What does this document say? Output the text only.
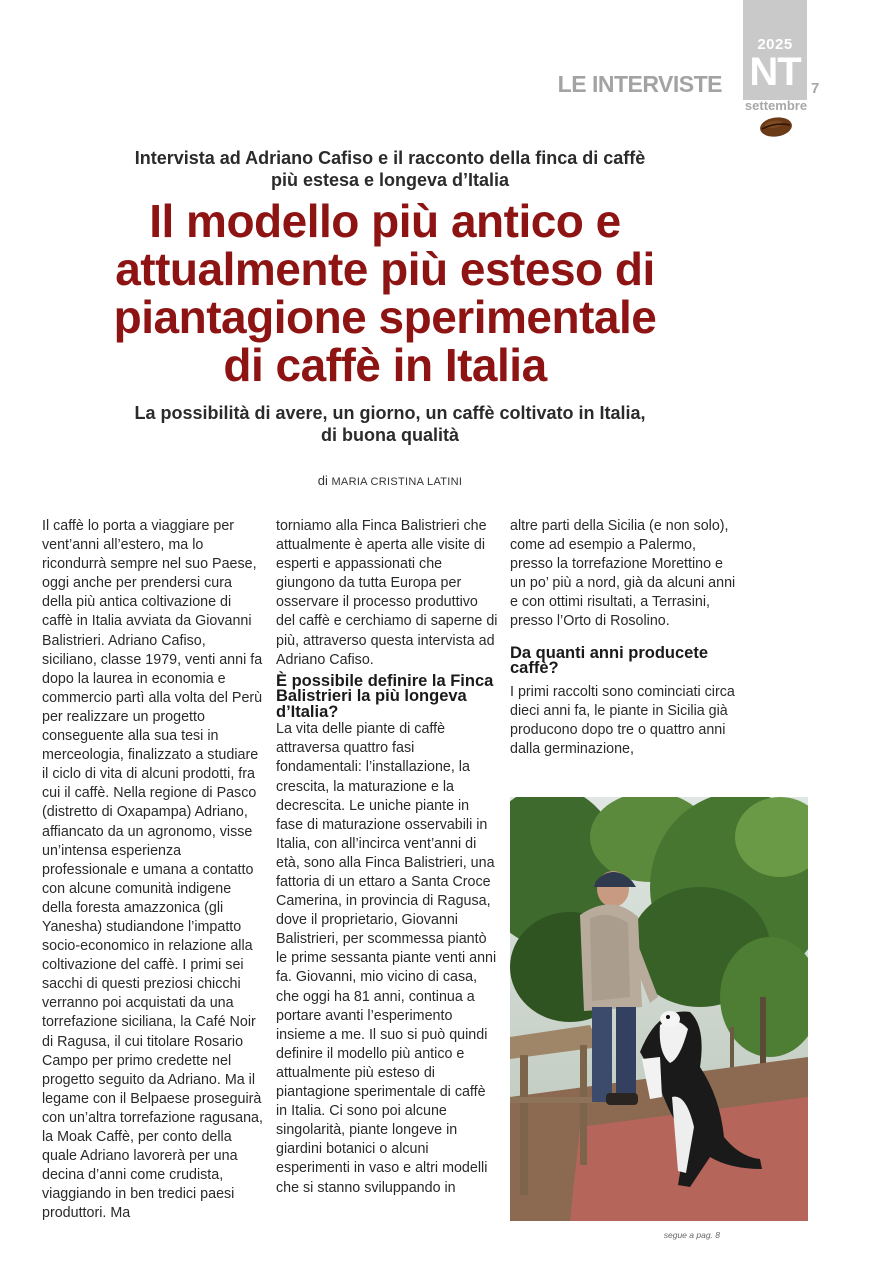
LE INTERVISTE
2025
NT 7
settembre
Intervista ad Adriano Cafiso e il racconto della finca di caffè
più estesa e longeva d’Italia
Il modello più antico e
attualmente più esteso di
piantagione sperimentale
di caffè in Italia
La possibilità di avere, un giorno, un caffè coltivato in Italia,
di buona qualità
di MARIA CRISTINA LATINI

Il caffè lo porta a viaggiare per vent’anni all’estero, ma lo ricondurrà sempre nel suo Paese, oggi anche per prendersi cura della più antica coltivazione di caffè in Italia avviata da Giovanni Balistrieri. Adriano Cafiso, siciliano, classe 1979, venti anni fa dopo la laurea in economia e commercio partì alla volta del Perù per realizzare un progetto conseguente alla sua tesi in merceologia, finalizzato a studiare il ciclo di vita di alcuni prodotti, fra cui il caffè. Nella regione di Pasco (distretto di Oxapampa) Adriano, affiancato da un agronomo, visse un’intensa esperienza professionale e umana a contatto con alcune comunità indigene della foresta amazzonica (gli Yanesha) studiandone l’impatto socio-economico in relazione alla coltivazione del caffè. I primi sei sacchi di questi preziosi chicchi verranno poi acquistati da una torrefazione siciliana, la Café Noir di Ragusa, il cui titolare Rosario Campo per primo credette nel progetto seguito da Adriano. Ma il legame con il Belpaese proseguirà con un’altra torrefazione ragusana, la Moak Caffè, per conto della quale Adriano lavorerà per una decina d’anni come crudista, viaggiando in ben tredici paesi produttori. Ma

torniamo alla Finca Balistrieri che attualmente è aperta alle visite di esperti e appassionati che giungono da tutta Europa per osservare il processo produttivo del caffè e cerchiamo di saperne di più, attraverso questa intervista ad Adriano Cafiso.

È possibile definire la Finca Balistrieri la più longeva d’Italia?

La vita delle piante di caffè attraversa quattro fasi fondamentali: l’installazione, la crescita, la maturazione e la decrescita. Le uniche piante in fase di maturazione osservabili in Italia, con all’incirca vent’anni di età, sono alla Finca Balistrieri, una fattoria di un ettaro a Santa Croce Camerina, in provincia di Ragusa, dove il proprietario, Giovanni Balistrieri, per scommessa piantò le prime sessanta piante venti anni fa. Giovanni, mio vicino di casa, che oggi ha 81 anni, continua a portare avanti l’esperimento insieme a me. Il suo si può quindi definire il modello più antico e attualmente più esteso di piantagione sperimentale di caffè in Italia. Ci sono poi alcune singolarità, piante longeve in giardini botanici o alcuni esperimenti in vaso e altri modelli che si stanno sviluppando in

altre parti della Sicilia (e non solo), come ad esempio a Palermo, presso la torrefazione Morettino e un po’ più a nord, già da alcuni anni e con ottimi risultati, a Terrasini, presso l’Orto di Rosolino.

Da quanti anni producete caffè?

I primi raccolti sono cominciati circa dieci anni fa, le piante in Sicilia già producono dopo tre o quattro anni dalla germinazione,

segue a pag. 8
